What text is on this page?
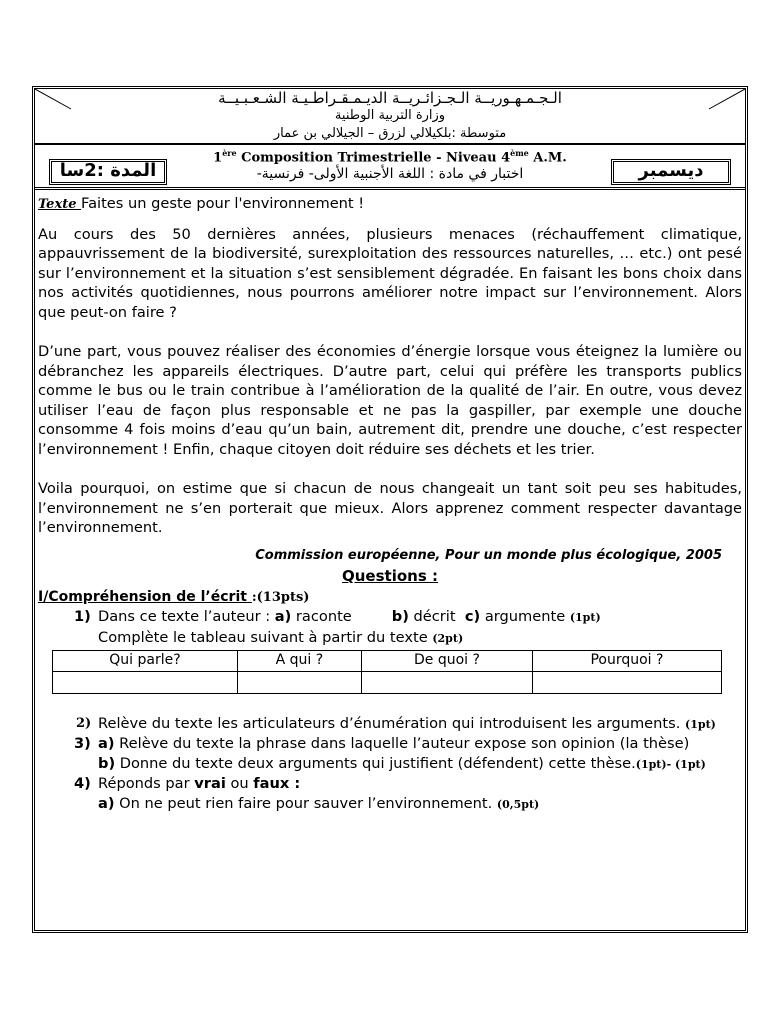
الـجـمـهـوريــة الـجـزائـريــة الديـمـقـراطـيـة الشـعـبـيــة
وزارة التربية الوطنية
متوسطة :بلكيلالي لزرق – الجيلالي بن عمار
1ère Composition Trimestrielle - Niveau 4ème A.M.
اختبار في مادة : اللغة الأجنبية الأولى- فرنسية-
المدة :2سا	ديسمبر
Texte Faites un geste pour l'environnement !

Au cours des 50 dernières années, plusieurs menaces (réchauffement climatique, appauvrissement de la biodiversité, surexploitation des ressources naturelles, … etc.) ont pesé sur l’environnement et la situation s’est sensiblement dégradée. En faisant les bons choix dans nos activités quotidiennes, nous pourrons améliorer notre impact sur l’environnement. Alors que peut-on faire ?

D’une part, vous pouvez réaliser des économies d’énergie lorsque vous éteignez la lumière ou débranchez les appareils électriques. D’autre part, celui qui préfère les transports publics comme le bus ou le train contribue à l’amélioration de la qualité de l’air. En outre, vous devez utiliser l’eau de façon plus responsable et ne pas la gaspiller, par exemple une douche consomme 4 fois moins d’eau qu’un bain, autrement dit, prendre une douche, c’est respecter l’environnement ! Enfin, chaque citoyen doit réduire ses déchets et les trier.

Voila pourquoi, on estime que si chacun de nous changeait un tant soit peu ses habitudes, l’environnement ne s’en porterait que mieux. Alors apprenez comment respecter davantage l’environnement.

Commission européenne, Pour un monde plus écologique, 2005
Questions :
I/Compréhension de l’écrit :(13pts)
1) Dans ce texte l’auteur : a) raconte	b) décrit c) argumente (1pt)
Complète le tableau suivant à partir du texte (2pt)
Qui parle?	A qui ?	De quoi ?	Pourquoi ?

2) Relève du texte les articulateurs d’énumération qui introduisent les arguments. (1pt)
3) a) Relève du texte la phrase dans laquelle l’auteur expose son opinion (la thèse)
b) Donne du texte deux arguments qui justifient (défendent) cette thèse.(1pt)- (1pt)
4) Réponds par vrai ou faux :
a) On ne peut rien faire pour sauver l’environnement. (0,5pt)
